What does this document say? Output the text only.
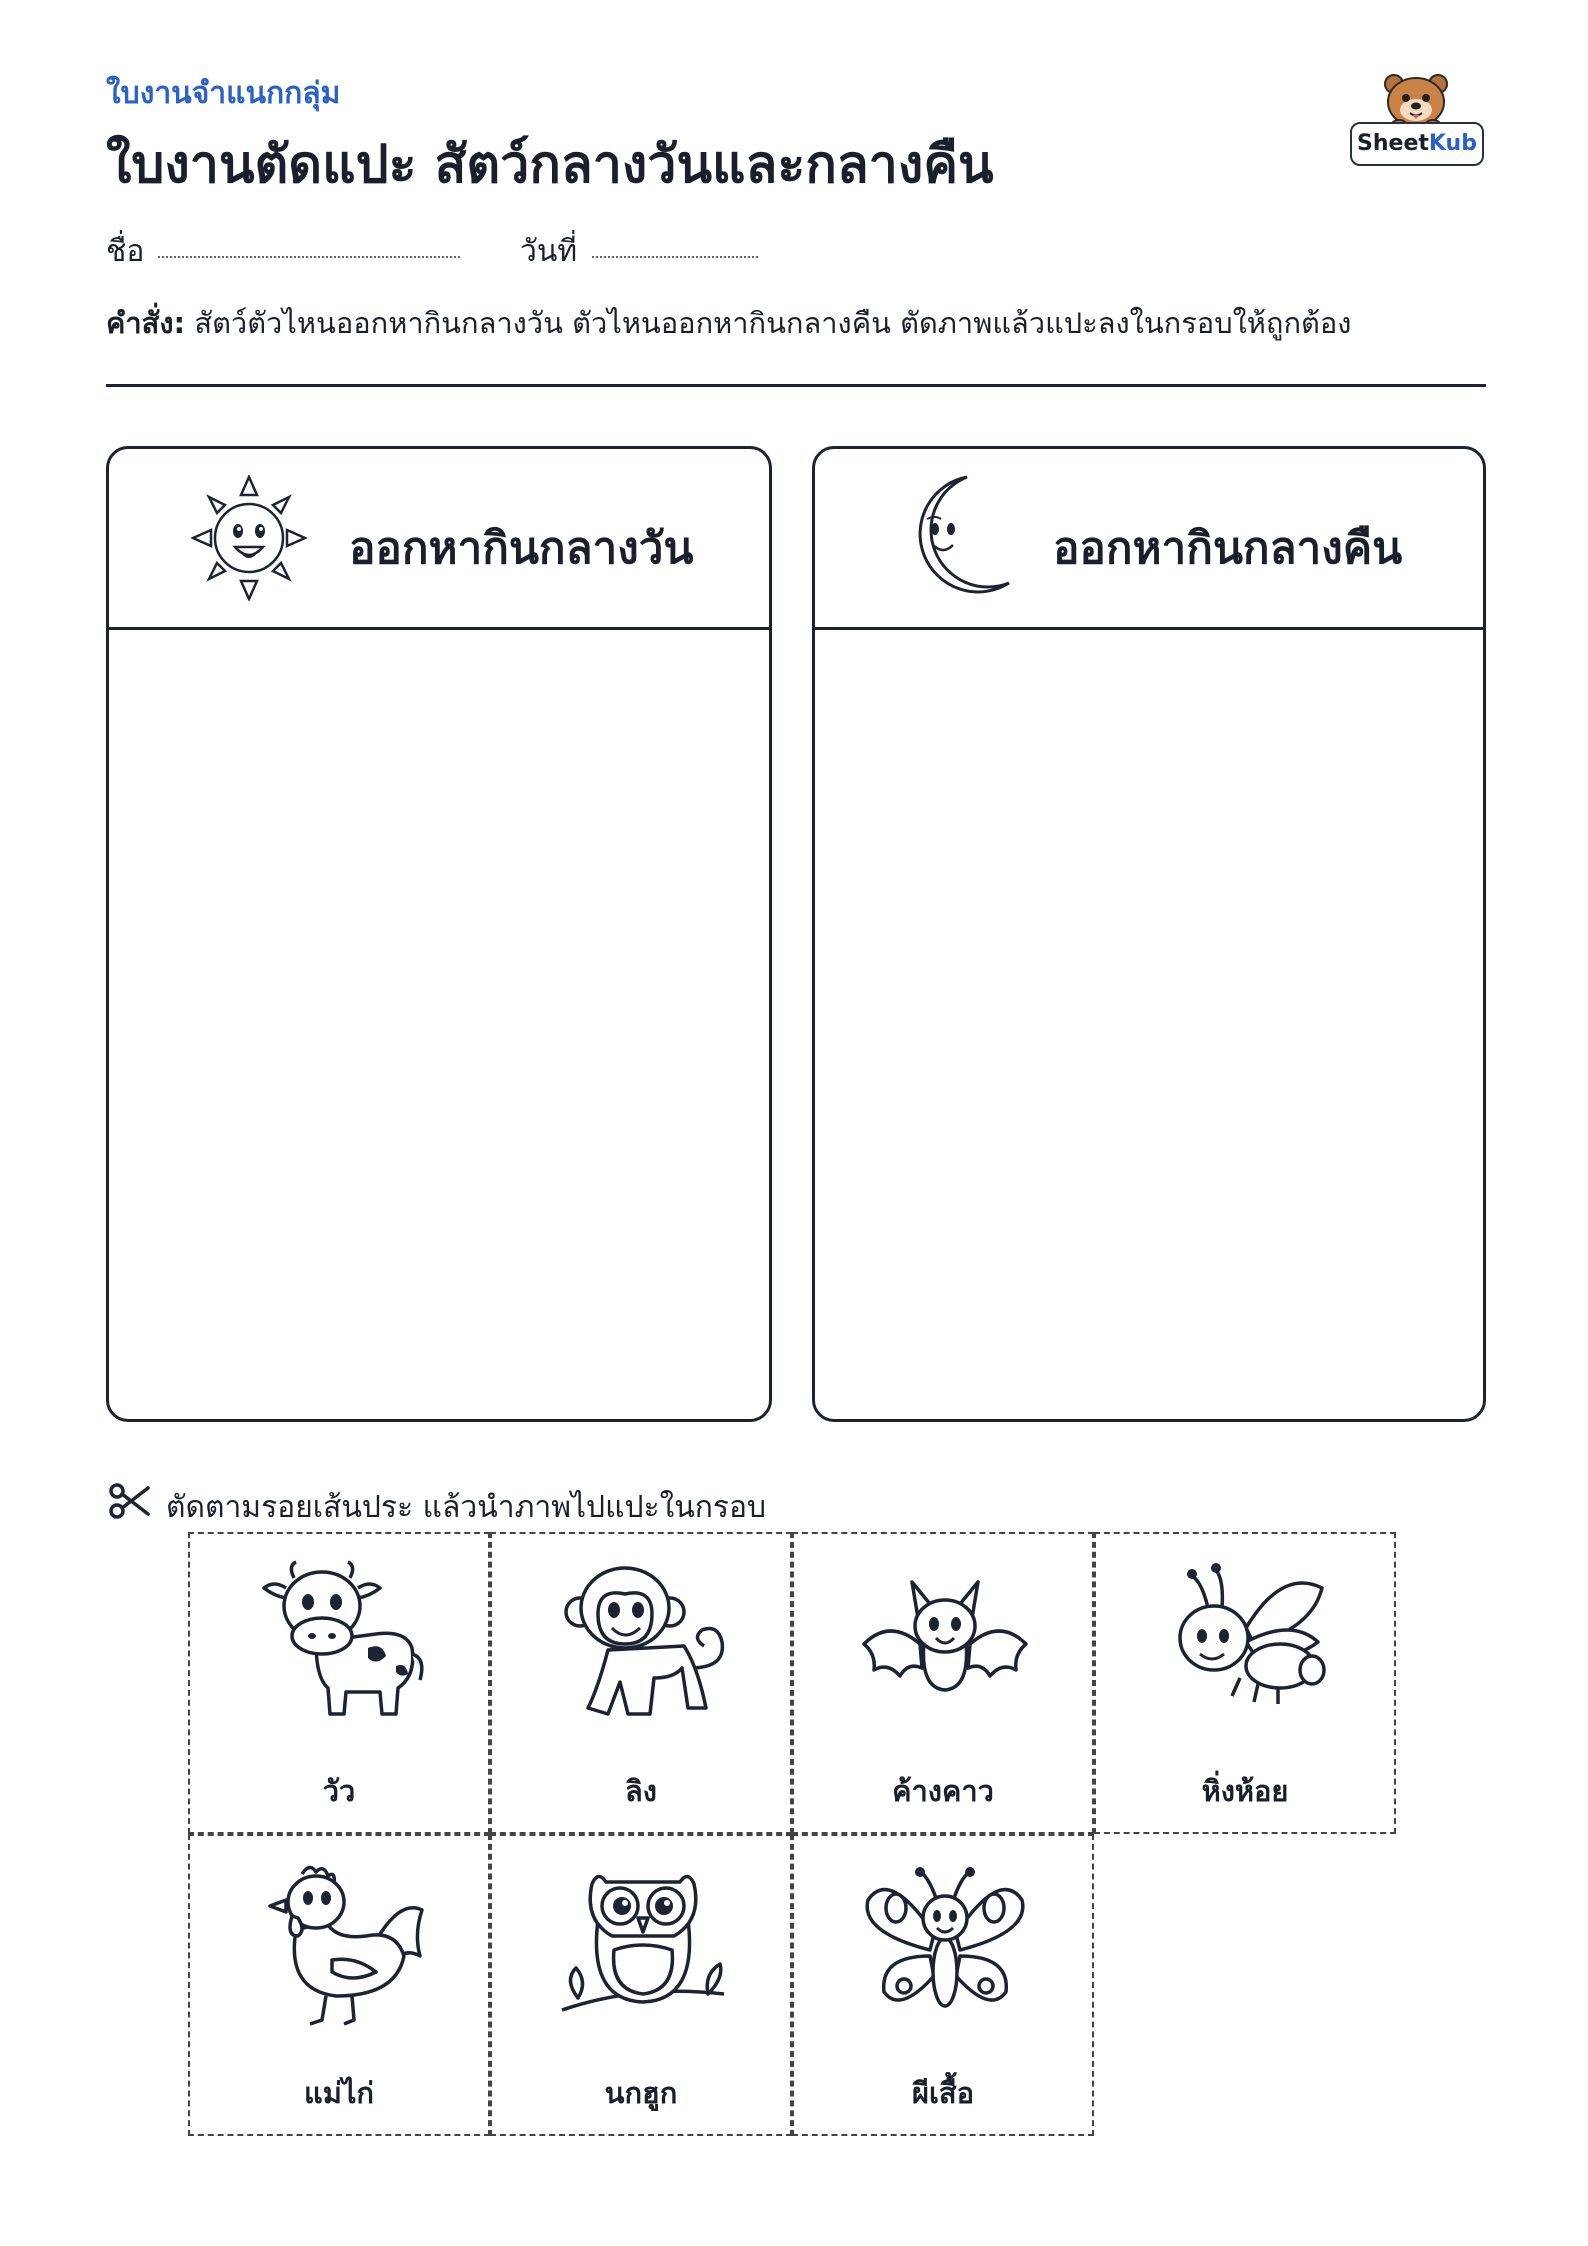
ใบงานจำแนกกลุ่ม
ใบงานตัดแปะ สัตว์กลางวันและกลางคืน	SheetKub
ชื่อ	วันที่
คำสั่ง: สัตว์ตัวไหนออกหากินกลางวัน ตัวไหนออกหากินกลางคืน ตัดภาพแล้วแปะลงในกรอบให้ถูกต้อง
ออกหากินกลางวัน	ออกหากินกลางคืน
ตัดตามรอยเส้นประ แล้วนำภาพไปแปะในกรอบ
วัว	ลิง	ค้างคาว	หิ่งห้อย
แม่ไก่	นกฮูก	ผีเสื้อ
